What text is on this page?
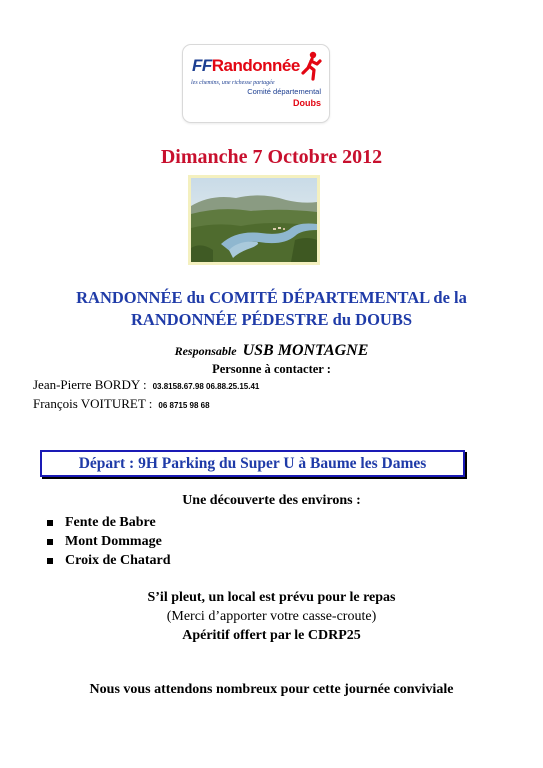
FFRandonnée
les chemins, une richesse partagée
Comité départemental
Doubs
Dimanche 7 Octobre 2012
RANDONNÉE du COMITÉ DÉPARTEMENTAL de la
RANDONNÉE PÉDESTRE du DOUBS
Responsable USB MONTAGNE
Personne à contacter :
Jean-Pierre BORDY : 03.8158.67.98 06.88.25.15.41
François VOITURET : 06 8715 98 68
Départ : 9H Parking du Super U à Baume les Dames
Une découverte des environs :
Fente de Babre
Mont Dommage
Croix de Chatard
S’il pleut, un local est prévu pour le repas
(Merci d’apporter votre casse-croute)
Apéritif offert par le CDRP25
Nous vous attendons nombreux pour cette journée conviviale
